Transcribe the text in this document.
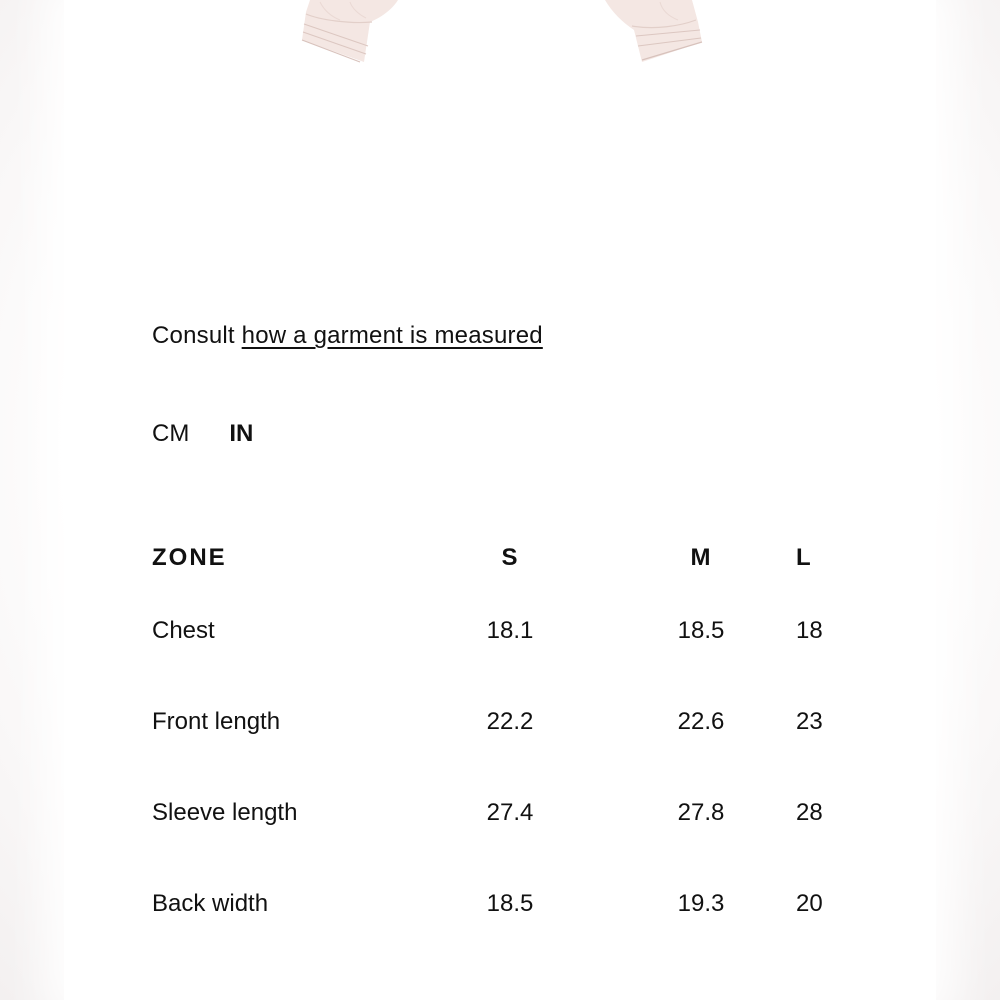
Consult how a garment is measured
CM IN
ZONE	S	M	L
Chest	18.1	18.5	18
Front length	22.2	22.6	23
Sleeve length	27.4	27.8	28
Back width	18.5	19.3	20
